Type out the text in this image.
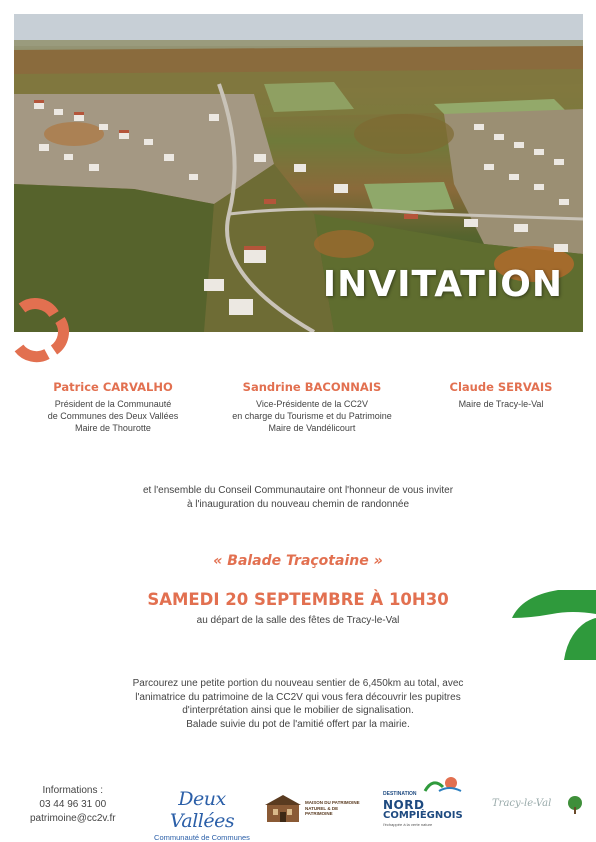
INVITATION
Patrice CARVALHO
Président de la Communauté
de Communes des Deux Vallées
Maire de Thourotte
Sandrine BACONNAIS
Vice-Présidente de la CC2V
en charge du Tourisme et du Patrimoine
Maire de Vandélicourt
Claude SERVAIS
Maire de Tracy-le-Val
et l'ensemble du Conseil Communautaire ont l'honneur de vous inviter
à l'inauguration du nouveau chemin de randonnée
« Balade Traçotaine »
SAMEDI 20 SEPTEMBRE À 10H30
au départ de la salle des fêtes de Tracy-le-Val
Parcourez une petite portion du nouveau sentier de 6,450km au total, avec
l'animatrice du patrimoine de la CC2V qui vous fera découvrir les pupitres
d'interprétation ainsi que le mobilier de signalisation.
Balade suivie du pot de l'amitié offert par la mairie.
Informations :
03 44 96 31 00
patrimoine@cc2v.fr
Deux Vallées
Communauté de Communes
MAISON DU PATRIMOINE NATUREL & DE PATRIMOINE
DESTINATION
NORD
COMPIÈGNOIS
l'échappée à la verte nature
Tracy-le-Val
